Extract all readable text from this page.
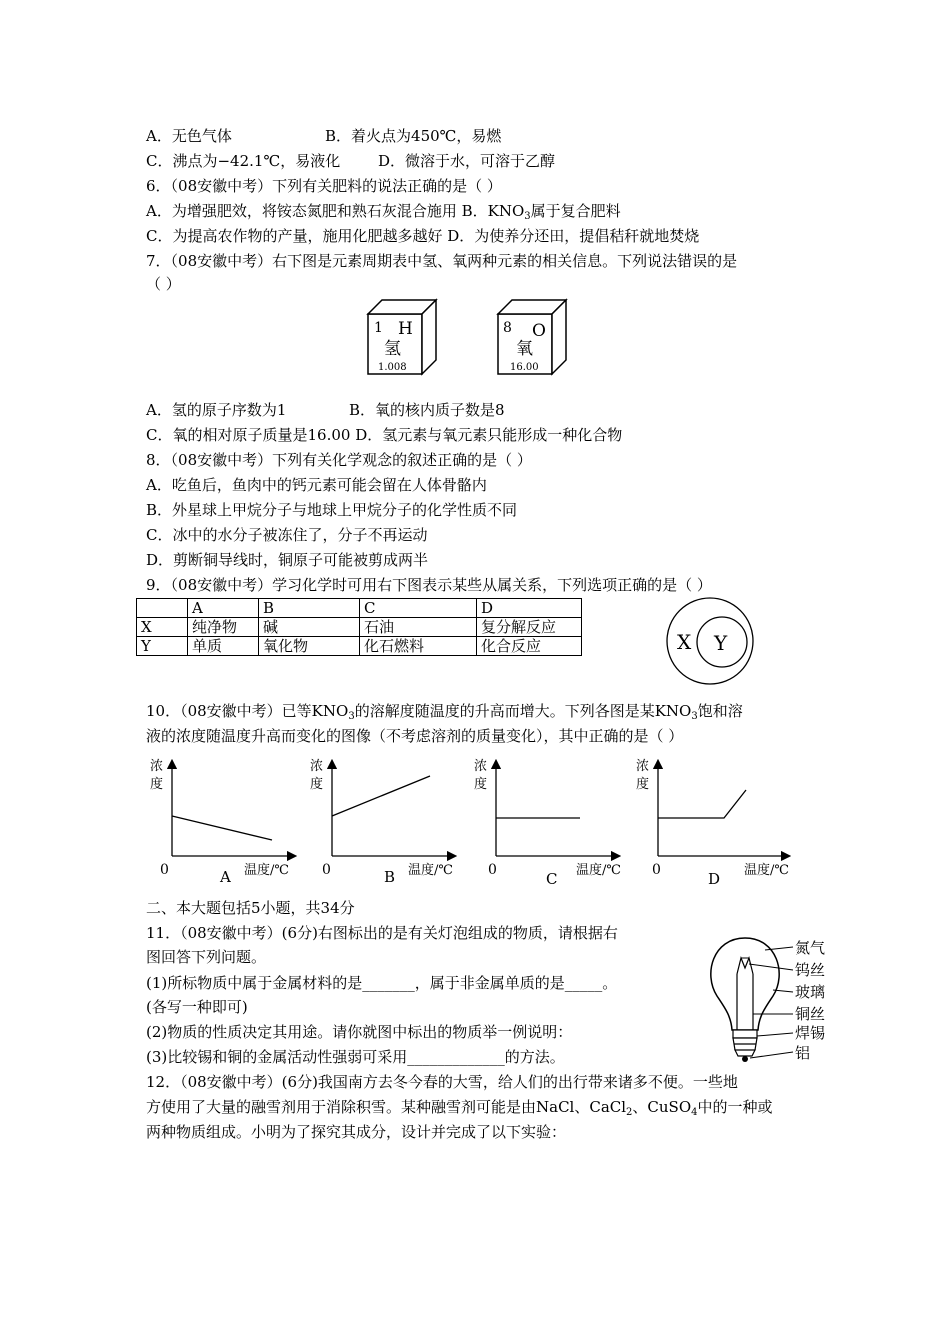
A．无色气体	B．着火点为450℃，易燃
C．沸点为−42.1℃，易液化	D．微溶于水，可溶于乙醇
6．（08安徽中考）下列有关肥料的说法正确的是（ ）
A．为增强肥效，将铵态氮肥和熟石灰混合施用 B．$KNO_3$属于复合肥料
C．为提高农作物的产量，施用化肥越多越好 D．为使养分还田，提倡秸秆就地焚烧
7．（08安徽中考）右下图是元素周期表中氢、氧两种元素的相关信息。下列说法错误的是
（ ）
1 H
氢
1.008
8 O
氧
16.00
A．氢的原子序数为1	B．氧的核内质子数是8
C．氧的相对原子质量是16.00 D．氢元素与氧元素只能形成一种化合物
8．（08安徽中考）下列有关化学观念的叙述正确的是（ ）
A．吃鱼后，鱼肉中的钙元素可能会留在人体骨骼内
B．外星球上甲烷分子与地球上甲烷分子的化学性质不同
C．冰中的水分子被冻住了，分子不再运动
D．剪断铜导线时，铜原子可能被剪成两半
9．（08安徽中考）学习化学时可用右下图表示某些从属关系，下列选项正确的是（ ）
	A	B	C	D
X	纯净物	碱	石油	复分解反应
Y	单质	氧化物	化石燃料	化合反应	X Y
10．（08安徽中考）已等$KNO_3$的溶解度随温度的升高而增大。下列各图是某$KNO_3$饱和溶
液的浓度随温度升高而变化的图像（不考虑溶剂的质量变化），其中正确的是（ ）
浓
度
0	温度/℃
A
浓
度
0	温度/℃
B
浓
度
0	温度/℃
C
浓
度
0	温度/℃
D
二、本大题包括5小题，共34分
11．（08安徽中考）(6分)右图标出的是有关灯泡组成的物质，请根据右
图回答下列问题。
(1)所标物质中属于金属材料的是_______，属于非金属单质的是_____。
(各写一种即可)
(2)物质的性质决定其用途。请你就图中标出的物质举一例说明：
(3)比较锡和铜的金属活动性强弱可采用_____________的方法。
氮气
钨丝
玻璃
铜丝
焊锡
铝
12．（08安徽中考）(6分)我国南方去冬今春的大雪，给人们的出行带来诸多不便。一些地
方使用了大量的融雪剂用于消除积雪。某种融雪剂可能是由NaCl、CaCl$_2$、CuSO$_4$中的一种或
两种物质组成。小明为了探究其成分，设计并完成了以下实验：
